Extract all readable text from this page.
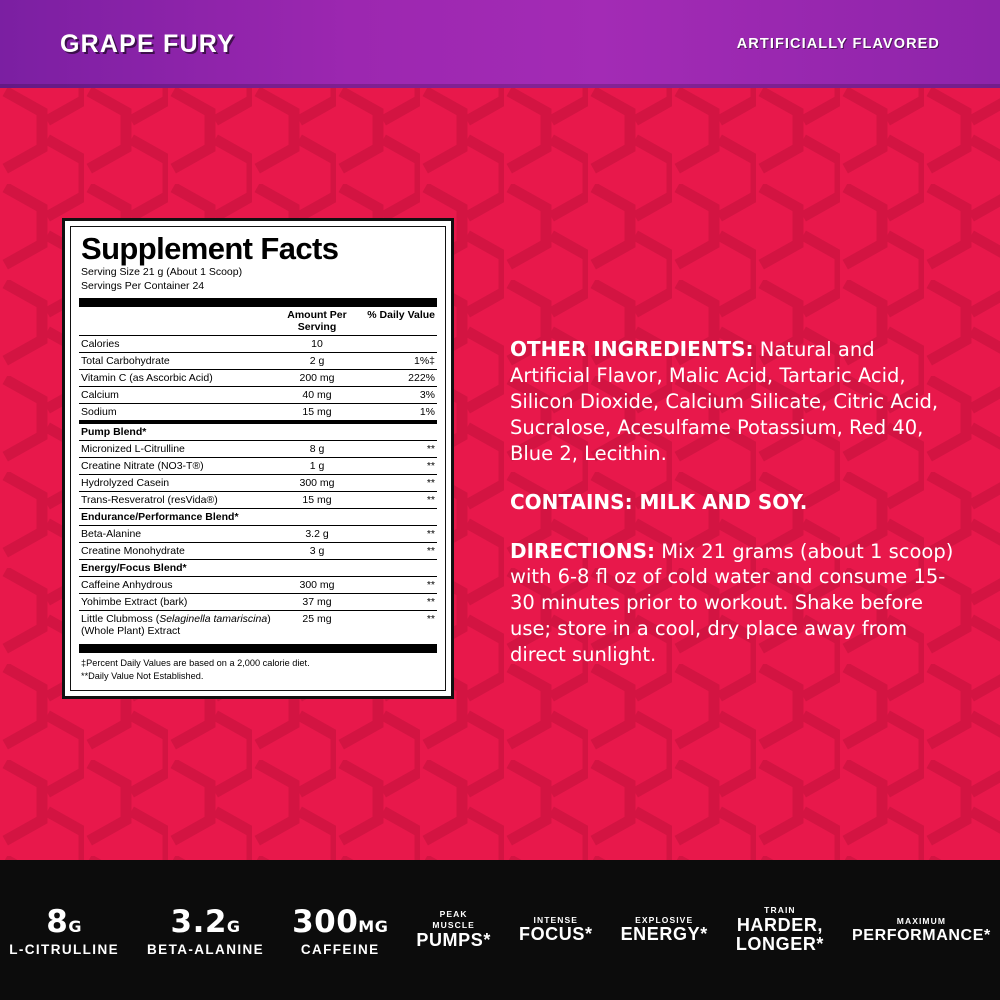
GRAPE FURY	ARTIFICIALLY FLAVORED
Supplement Facts
Serving Size 21 g (About 1 Scoop)
Servings Per Container 24
	Amount Per Serving	% Daily Value
Calories	10	
Total Carbohydrate	2 g	1%‡
Vitamin C (as Ascorbic Acid)	200 mg	222%
Calcium	40 mg	3%
Sodium	15 mg	1%
Pump Blend*		
Micronized L-Citrulline	8 g	**
Creatine Nitrate (NO3-T®)	1 g	**
Hydrolyzed Casein	300 mg	**
Trans-Resveratrol (resVida®)	15 mg	**
Endurance/Performance Blend*		
Beta-Alanine	3.2 g	**
Creatine Monohydrate	3 g	**
Energy/Focus Blend*		
Caffeine Anhydrous	300 mg	**
Yohimbe Extract (bark)	37 mg	**
Little Clubmoss (Selaginella tamariscina) (Whole Plant) Extract	25 mg	**
‡Percent Daily Values are based on a 2,000 calorie diet.
**Daily Value Not Established.

OTHER INGREDIENTS: Natural and Artificial Flavor, Malic Acid, Tartaric Acid, Silicon Dioxide, Calcium Silicate, Citric Acid, Sucralose, Acesulfame Potassium, Red 40, Blue 2, Lecithin.

CONTAINS: MILK AND SOY.

DIRECTIONS: Mix 21 grams (about 1 scoop) with 6-8 fl oz of cold water and consume 15-30 minutes prior to workout. Shake before use; store in a cool, dry place away from direct sunlight.

8G
L-CITRULLINE
3.2G
BETA-ALANINE
300MG
CAFFEINE
PEAK
MUSCLE
PUMPS*
INTENSE
FOCUS*
EXPLOSIVE
ENERGY*
TRAIN
HARDER,
LONGER*
MAXIMUM
PERFORMANCE*
